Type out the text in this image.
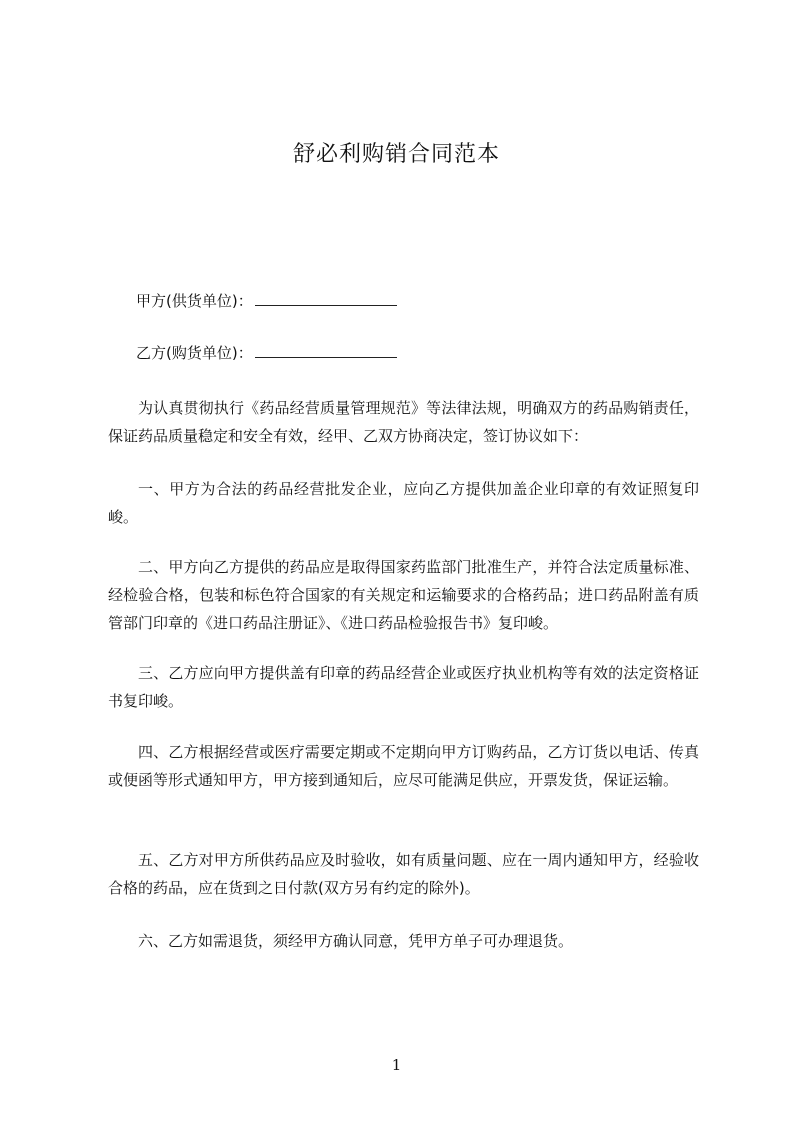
舒必利购销合同范本
甲方(供货单位)：
乙方(购货单位)：

为认真贯彻执行《药品经营质量管理规范》等法律法规，明确双方的药品购销责任，保证药品质量稳定和安全有效，经甲、乙双方协商决定，签订协议如下：

一、甲方为合法的药品经营批发企业，应向乙方提供加盖企业印章的有效证照复印峻。

二、甲方向乙方提供的药品应是取得国家药监部门批准生产，并符合法定质量标准、经检验合格，包装和标色符合国家的有关规定和运输要求的合格药品；进口药品附盖有质管部门印章的《进口药品注册证》、《进口药品检验报告书》复印峻。

三、乙方应向甲方提供盖有印章的药品经营企业或医疗执业机构等有效的法定资格证书复印峻。

四、乙方根据经营或医疗需要定期或不定期向甲方订购药品，乙方订货以电话、传真或便函等形式通知甲方，甲方接到通知后，应尽可能满足供应，开票发货，保证运输。

五、乙方对甲方所供药品应及时验收，如有质量问题、应在一周内通知甲方，经验收合格的药品，应在货到之日付款(双方另有约定的除外)。

六、乙方如需退货，须经甲方确认同意，凭甲方单子可办理退货。

1
